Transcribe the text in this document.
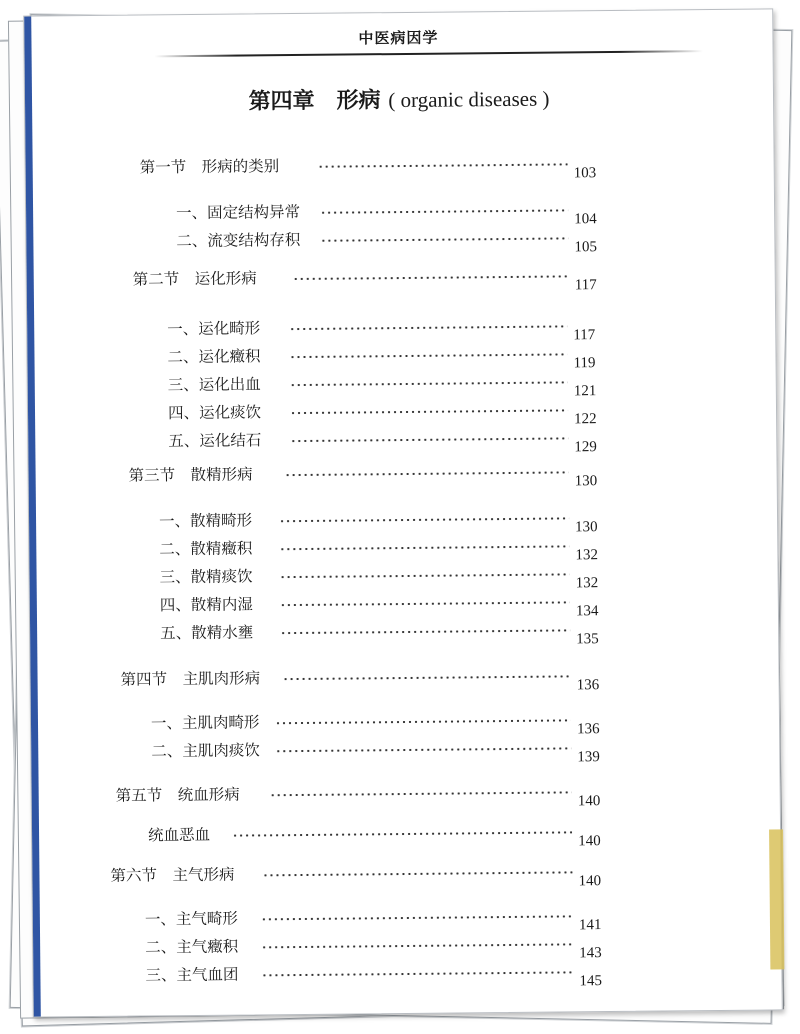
中医病因学
第四章　形病 ( organic diseases )
第一节　形病的类别	103
一、固定结构异常	104
二、流变结构存积	105
第二节　运化形病	117
一、运化畸形	117
二、运化癥积	119
三、运化出血	121
四、运化痰饮	122
五、运化结石	129
第三节　散精形病	130
一、散精畸形	130
二、散精癥积	132
三、散精痰饮	132
四、散精内湿	134
五、散精水壅	135
第四节　主肌肉形病	136
一、主肌肉畸形	136
二、主肌肉痰饮	139
第五节　统血形病	140
统血恶血	140
第六节　主气形病	140
一、主气畸形	141
二、主气癥积	143
三、主气血团	145
